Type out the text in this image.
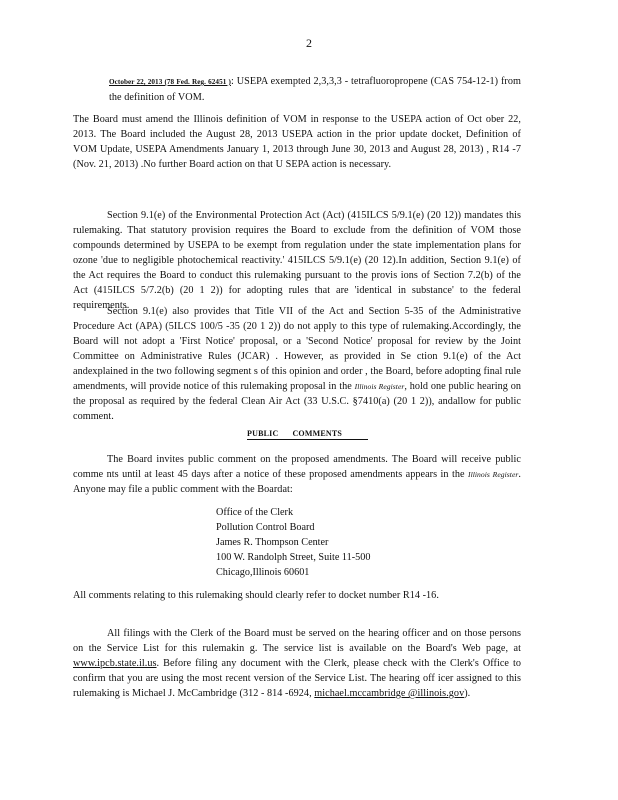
2
October 22, 2013 (78 Fed. Reg. 62451 ): USEPA exempted 2,3,3,3 - tetrafluoropropene (CAS 754-12-1) from the definition of VOM.
The Board must amend the Illinois definition of VOM in response to the USEPA action of Oct ober 22, 2013. The Board included the August 28, 2013 USEPA action in the prior update docket, Definition of VOM Update, USEPA Amendments January 1, 2013 through June 30, 2013 and August 28, 2013) , R14 -7 (Nov. 21, 2013) .No further Board action on that U SEPA action is necessary.
Section 9.1(e) of the Environmental Protection Act (Act) (415ILCS 5/9.1(e) (20 12)) mandates this rulemaking. That statutory provision requires the Board to exclude from the definition of VOM those compounds determined by USEPA to be exempt from regulation under the state implementation plans for ozone 'due to negligible photochemical reactivity.' 415ILCS 5/9.1(e) (20 12).In addition, Section 9.1(e) of the Act requires the Board to conduct this rulemaking pursuant to the provis ions of Section 7.2(b) of the Act (415ILCS 5/7.2(b) (20 1 2)) for adopting rules that are 'identical in substance' to the federal requirements.
Section 9.1(e) also provides that Title VII of the Act and Section 5-35 of the Administrative Procedure Act (APA) (5ILCS 100/5 -35 (20 1 2)) do not apply to this type of rulemaking.Accordingly, the Board will not adopt a 'First Notice' proposal, or a 'Second Notice' proposal for review by the Joint Committee on Administrative Rules (JCAR) . However, as provided in Se ction 9.1(e) of the Act andexplained in the two following segment s of this opinion and order , the Board, before adopting final rule amendments, will provide notice of this rulemaking proposal in the Illinois Register, hold one public hearing on the proposal as required by the federal Clean Air Act (33 U.S.C. §7410(a) (20 1 2)), andallow for public comment.
PUBLIC COMMENTS
The Board invites public comment on the proposed amendments. The Board will receive public comme nts until at least 45 days after a notice of these proposed amendments appears in the Illinois Register. Anyone may file a public comment with the Boardat:
Office of the Clerk
Pollution Control Board
James R. Thompson Center
100 W. Randolph Street, Suite 11-500
Chicago,Illinois 60601
All comments relating to this rulemaking should clearly refer to docket number R14 -16.
All filings with the Clerk of the Board must be served on the hearing officer and on those persons on the Service List for this rulemakin g. The service list is available on the Board's Web page, at www.ipcb.state.il.us. Before filing any document with the Clerk, please check with the Clerk's Office to confirm that you are using the most recent version of the Service List. The hearing off icer assigned to this rulemaking is Michael J. McCambridge (312 - 814 -6924, michael.mccambridge @illinois.gov).
